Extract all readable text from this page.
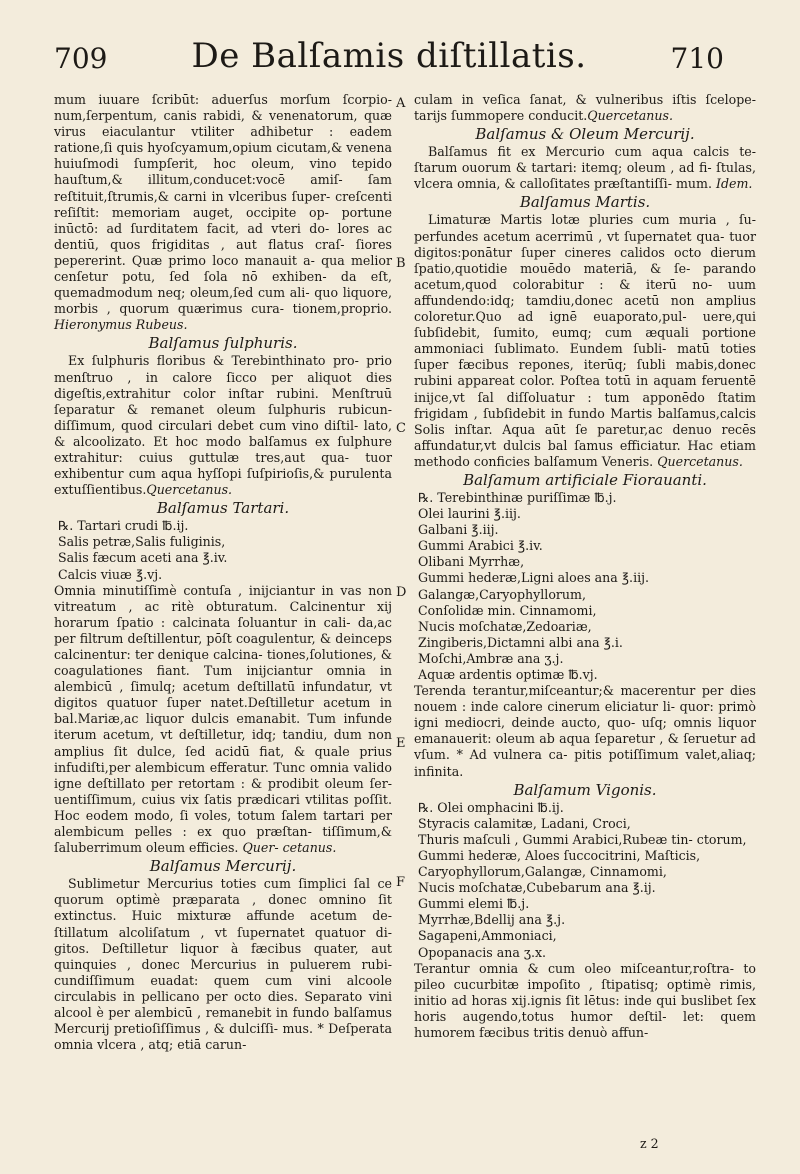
709	De Balſamis diſtillatis.	710
A
B
C
D
E
F

mum iuuare ſcribūt: aduerſus morſum ſcorpio- num,ſerpentum, canis rabidi, & venenatorum, quæ virus eiaculantur vtiliter adhibetur : eadem ratione,ſi quis hyoſcyamum,opium cicutam,& venena huiuſmodi ſumpſerit, hoc oleum, vino tepido hauſtum,& illitum,conducet:vocē amiſ- ſam reſtituit,ſtrumis,& carni in vlceribus ſuper- creſcenti reſiſtit: memoriam auget, occipite op- portune inūctō: ad ſurditatem facit, ad vteri do- lores ac dentiū, quos frigiditas , aut flatus craſ- ſiores pepererint. Quæ primo loco manauit a- qua melior cenſetur potu, ſed ſola nō exhiben- da eſt, quemadmodum neq; oleum,ſed cum ali- quo liquore, morbis , quorum quærimus cura- tionem,proprio. Hieronymus Rubeus.

Balſamus ſulphuris.

Ex ſulphuris floribus & Terebinthinato pro- prio menſtruo , in calore ſicco per aliquot dies digeſtis,extrahitur color inſtar rubini. Menſtruū ſeparatur & remanet oleum ſulphuris rubicun- diſſimum, quod circulari debet cum vino diſtil- lato, & alcoolizato. Et hoc modo balſamus ex ſulphure extrahitur: cuius guttulæ tres,aut qua- tuor exhibentur cum aqua hyſſopi ſuſpirioſis,& purulenta extuſſientibus.Quercetanus.

Balſamus Tartari.
℞. Tartari crudi ℔.ij.
Salis petræ,Salis fuliginis,
Salis fæcum aceti ana ℥.iv.
Calcis viuæ ℥.vj.

Omnia minutiſſimè contuſa , inijciantur in vas non vitreatum , ac ritè obturatum. Calcinentur xij horarum ſpatio : calcinata ſoluantur in cali- da,ac per filtrum deſtillentur, pōſt coagulentur, & deinceps calcinentur: ter denique calcina- tiones,ſolutiones, & coagulationes fiant. Tum inijciantur omnia in alembicū , ſimulq; acetum deſtillatū infundatur, vt digitos quatuor ſuper natet.Deſtilletur acetum in bal.Mariæ,ac liquor dulcis emanabit. Tum infunde iterum acetum, vt deſtilletur, idq; tandiu, dum non amplius ſit dulce, ſed acidū fiat, & quale prius infudiſti,per alembicum efferatur. Tunc omnia valido igne deſtillato per retortam : & prodibit oleum ſer- uentiſſimum, cuius vix ſatis prædicari vtilitas poſſit. Hoc eodem modo, ſi voles, totum ſalem tartari per alembicum pelles : ex quo præſtan- tiſſimum,& ſaluberrimum oleum efficies. Quer- cetanus.

Balſamus Mercurij.

Sublimetur Mercurius toties cum ſimplici ſal ce quorum optimè præparata , donec omnino ſit extinctus. Huic mixturæ affunde acetum de- ſtillatum alcoliſatum , vt ſupernatet quatuor di- gitos. Deſtilletur liquor à fæcibus quater, aut quinquies , donec Mercurius in puluerem rubi- cundiſſimum euadat: quem cum vini alcoole circulabis in pellicano per octo dies. Separato vini alcool è per alembicū , remanebit in fundo balſamus Mercurij pretioſiſſimus , & dulciſſi- mus. * Deſperata omnia vlcera , atq; etiā carun-

culam in veſica ſanat, & vulneribus iſtis ſcelope- tarijs ſummopere conducit.Quercetanus.

Balſamus & Oleum Mercurij.

Balſamus fit ex Mercurio cum aqua calcis te- ſtarum ouorum & tartari: itemq; oleum , ad fi- ſtulas, vlcera omnia, & calloſitates præſtantiſſi- mum. Idem.

Balſamus Martis.

Limaturæ Martis lotæ pluries cum muria , ſu- perfundes acetum acerrimū , vt ſupernatet qua- tuor digitos:ponātur ſuper cineres calidos octo dierum ſpatio,quotidie mouēdo materiā, & ſe- parando acetum,quod colorabitur : & iterū no- uum affundendo:idq; tamdiu,donec acetū non amplius coloretur.Quo ad ignē euaporato,pul- uere,qui ſubſidebit, ſumito, eumq; cum æquali portione ammoniaci ſublimato. Eundem ſubli- matū toties ſuper fæcibus repones, iterūq; ſubli mabis,donec rubini appareat color. Poſtea totū in aquam feruentē inijce,vt ſal diſſoluatur : tum apponēdo ſtatim frigidam , ſubſidebit in fundo Martis balſamus,calcis Solis inſtar. Aqua aūt ſe paretur,ac denuo recēs affundatur,vt dulcis bal ſamus efficiatur. Hac etiam methodo conficies balſamum Veneris. Quercetanus.

Balſamum artificiale Fiorauanti.
℞. Terebinthinæ puriſſimæ ℔.j.
Olei laurini ℥.iij.
Galbani ℥.iij.
Gummi Arabici ℥.iv.
Olibani Myrrhæ,
Gummi hederæ,Ligni aloes ana ℥.iij.
Galangæ,Caryophyllorum,
Conſolidæ min. Cinnamomi,
Nucis moſchatæ,Zedoariæ,
Zingiberis,Dictamni albi ana ℥.i.
Moſchi,Ambræ ana ʒ.j.
Aquæ ardentis optimæ ℔.vj.

Terenda terantur,miſceantur;& macerentur per dies nouem : inde calore cinerum eliciatur li- quor: primò igni mediocri, deinde aucto, quo- uſq; omnis liquor emanauerit: oleum ab aqua ſeparetur , & ſeruetur ad vſum. * Ad vulnera ca- pitis potiſſimum valet,aliaq; infinita.

Balſamum Vigonis.
℞. Olei omphacini ℔.ij.
Styracis calamitæ, Ladani, Croci,
Thuris maſculi , Gummi Arabici,Rubeæ tin- ctorum,
Gummi hederæ, Aloes ſuccocitrini, Maſticis,
Caryophyllorum,Galangæ, Cinnamomi,
Nucis moſchatæ,Cubebarum ana ℥.ij.
Gummi elemi ℔.j.
Myrrhæ,Bdellij ana ℥.j.
Sagapeni,Ammoniaci,
Opopanacis ana ʒ.x.

Terantur omnia & cum oleo miſceantur,roſtra- to pileo cucurbitæ impoſito , ſtipatisq; optimè rimis, initio ad horas xij.ignis ſit lētus: inde qui buslibet ſex horis augendo,totus humor deſtil- let: quem humorem fæcibus tritis denuò affun-

z 2
